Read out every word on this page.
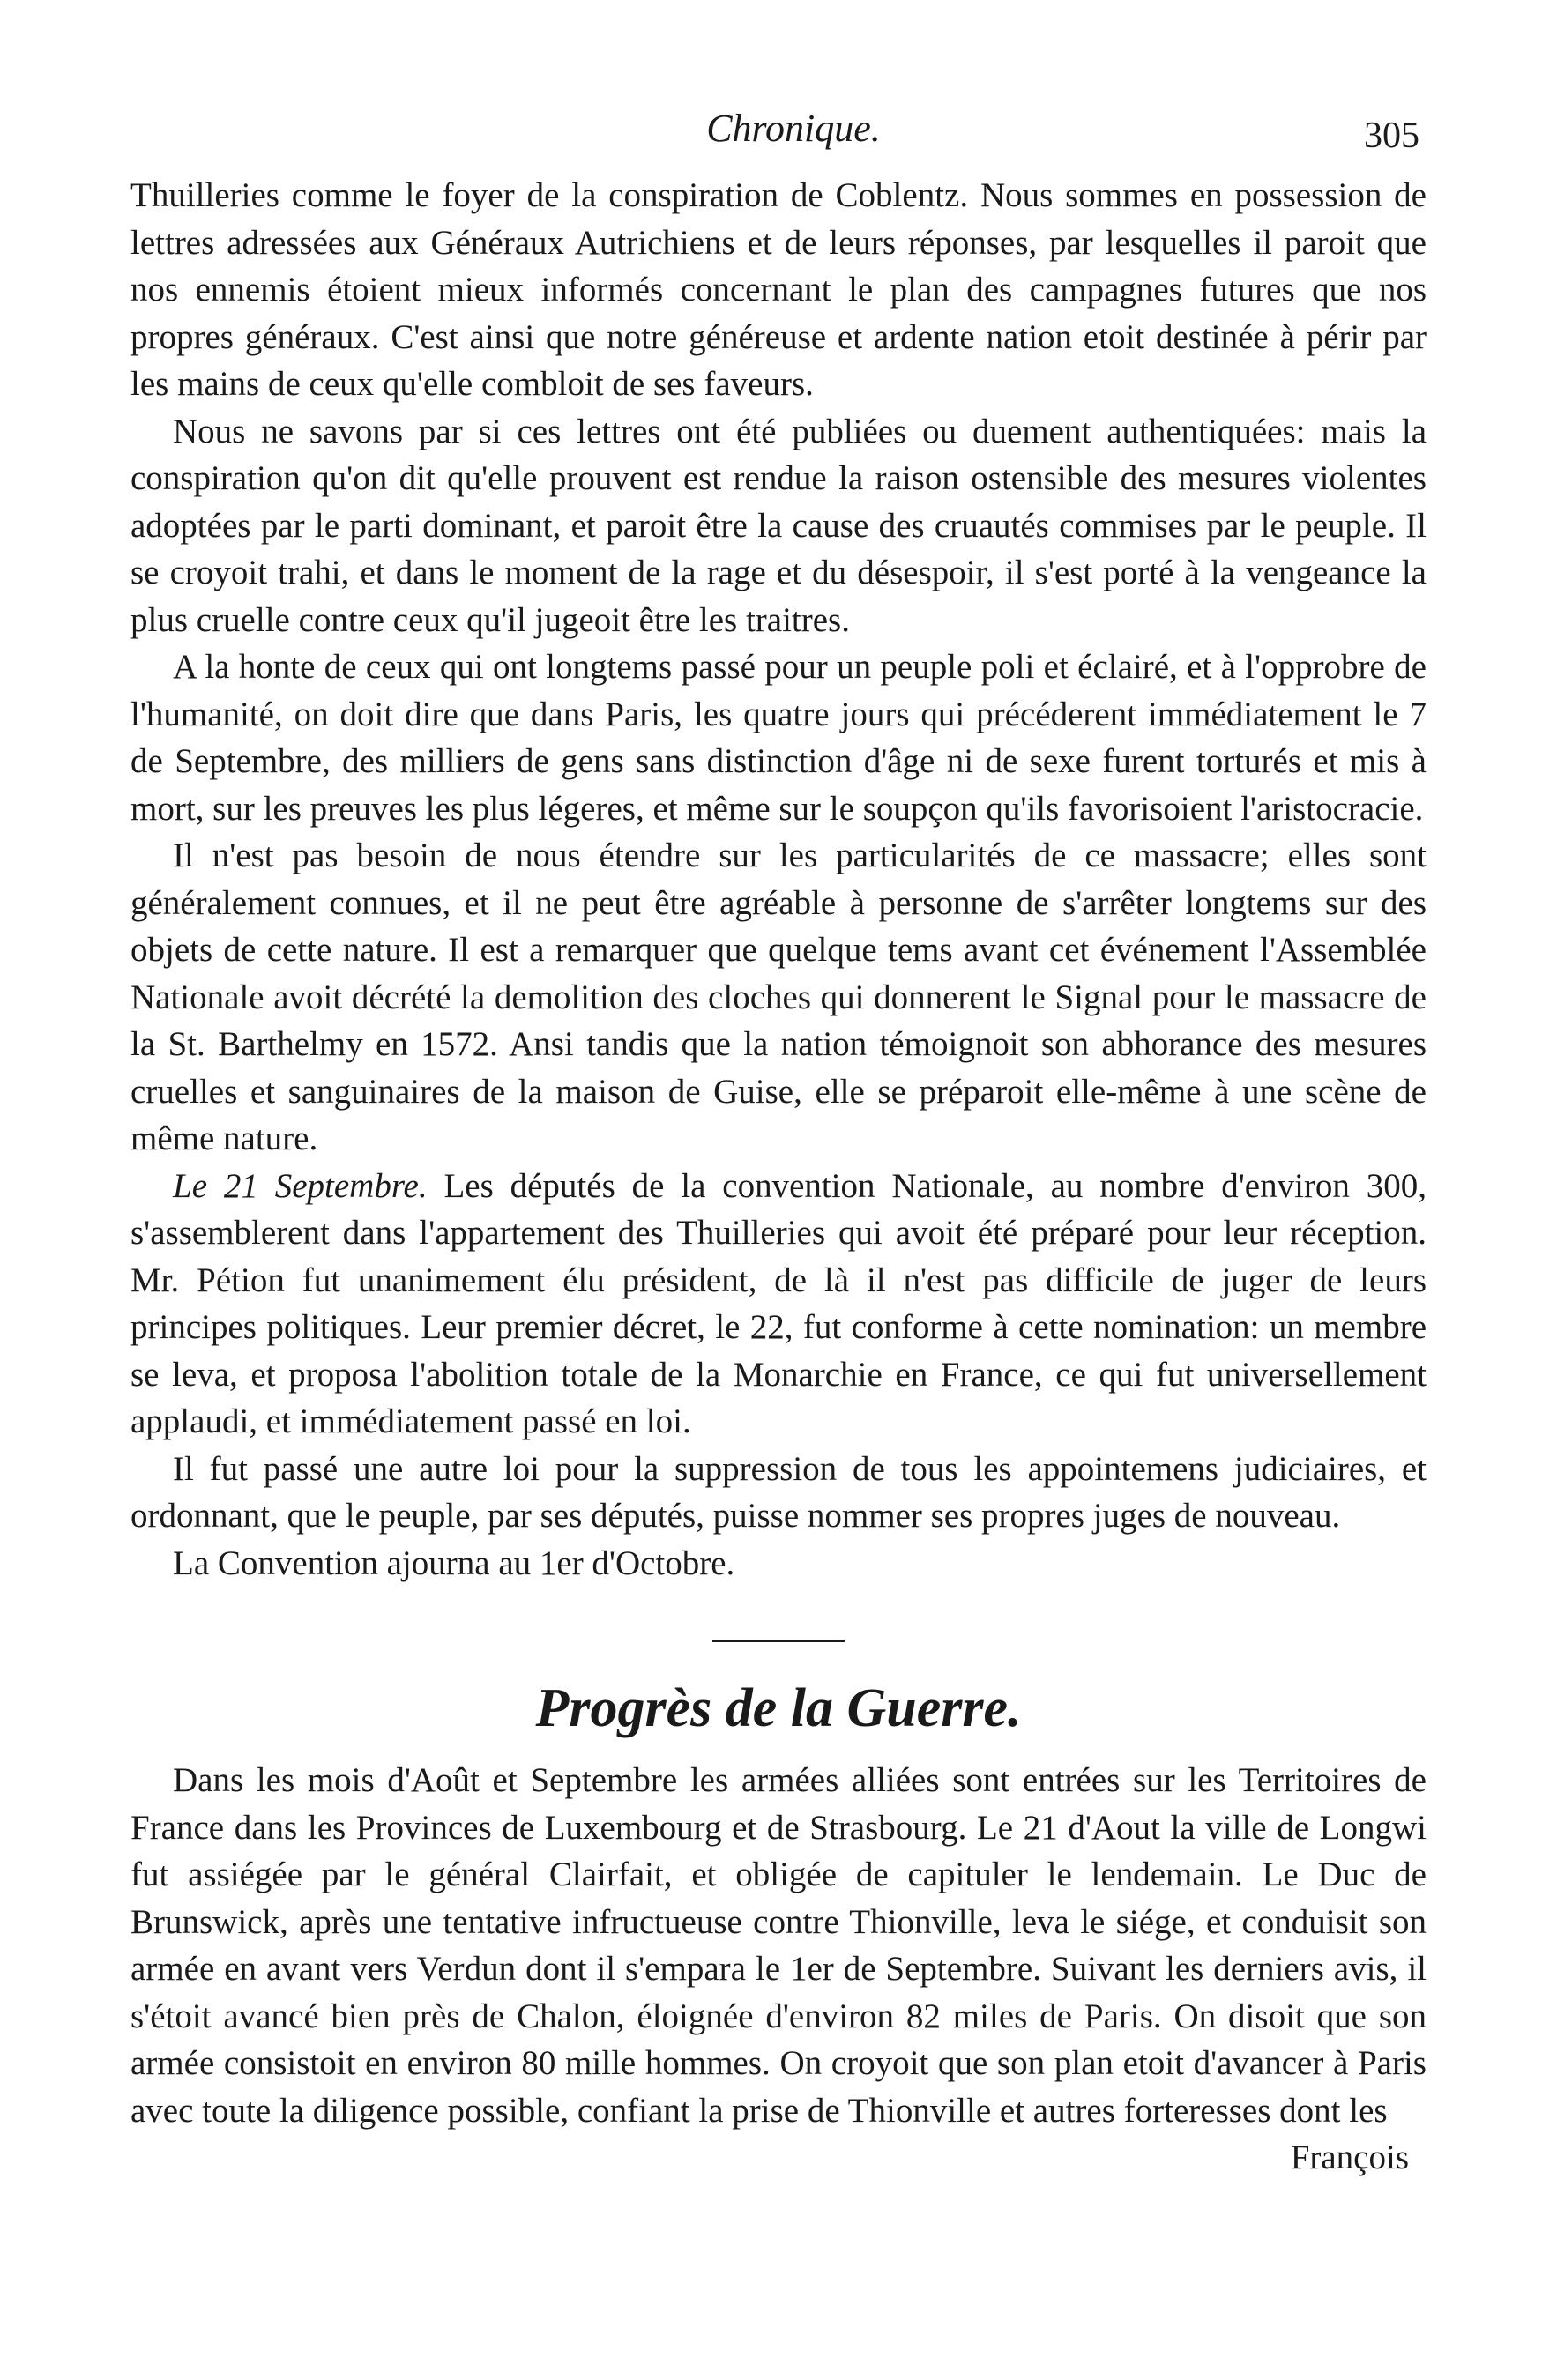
Chronique.	305

Thuilleries comme le foyer de la conspiration de Coblentz. Nous sommes en possession de lettres adressées aux Généraux Autrichiens et de leurs réponses, par lesquelles il paroit que nos ennemis étoient mieux informés concernant le plan des campagnes futures que nos propres généraux. C'est ainsi que notre généreuse et ardente nation etoit destinée à périr par les mains de ceux qu'elle combloit de ses faveurs.

Nous ne savons par si ces lettres ont été publiées ou duement authentiquées: mais la conspiration qu'on dit qu'elle prouvent est rendue la raison ostensible des mesures violentes adoptées par le parti dominant, et paroit être la cause des cruautés commises par le peuple. Il se croyoit trahi, et dans le moment de la rage et du désespoir, il s'est porté à la vengeance la plus cruelle contre ceux qu'il jugeoit être les traitres.

A la honte de ceux qui ont longtems passé pour un peuple poli et éclairé, et à l'opprobre de l'humanité, on doit dire que dans Paris, les quatre jours qui précéderent immédiatement le 7 de Septembre, des milliers de gens sans distinction d'âge ni de sexe furent torturés et mis à mort, sur les preuves les plus légeres, et même sur le soupçon qu'ils favorisoient l'aristocracie.

Il n'est pas besoin de nous étendre sur les particularités de ce massacre; elles sont généralement connues, et il ne peut être agréable à personne de s'arrêter longtems sur des objets de cette nature. Il est a remarquer que quelque tems avant cet événement l'Assemblée Nationale avoit décrété la demolition des cloches qui donnerent le Signal pour le massacre de la St. Barthelmy en 1572. Ansi tandis que la nation témoignoit son abhorance des mesures cruelles et sanguinaires de la maison de Guise, elle se préparoit elle-même à une scène de même nature.

Le 21 Septembre. Les députés de la convention Nationale, au nombre d'environ 300, s'assemblerent dans l'appartement des Thuilleries qui avoit été préparé pour leur réception. Mr. Pétion fut unanimement élu président, de là il n'est pas difficile de juger de leurs principes politiques. Leur premier décret, le 22, fut conforme à cette nomination: un membre se leva, et proposa l'abolition totale de la Monarchie en France, ce qui fut universellement applaudi, et immédiatement passé en loi.

Il fut passé une autre loi pour la suppression de tous les appointemens judiciaires, et ordonnant, que le peuple, par ses députés, puisse nommer ses propres juges de nouveau.

La Convention ajourna au 1er d'Octobre.

Progrès de la Guerre.

Dans les mois d'Août et Septembre les armées alliées sont entrées sur les Territoires de France dans les Provinces de Luxembourg et de Strasbourg. Le 21 d'Aout la ville de Longwi fut assiégée par le général Clairfait, et obligée de capituler le lendemain. Le Duc de Brunswick, après une tentative infructueuse contre Thionville, leva le siége, et conduisit son armée en avant vers Verdun dont il s'empara le 1er de Septembre. Suivant les derniers avis, il s'étoit avancé bien près de Chalon, éloignée d'environ 82 miles de Paris. On disoit que son armée consistoit en environ 80 mille hommes. On croyoit que son plan etoit d'avancer à Paris avec toute la diligence possible, confiant la prise de Thionville et autres forteresses dont les

François
